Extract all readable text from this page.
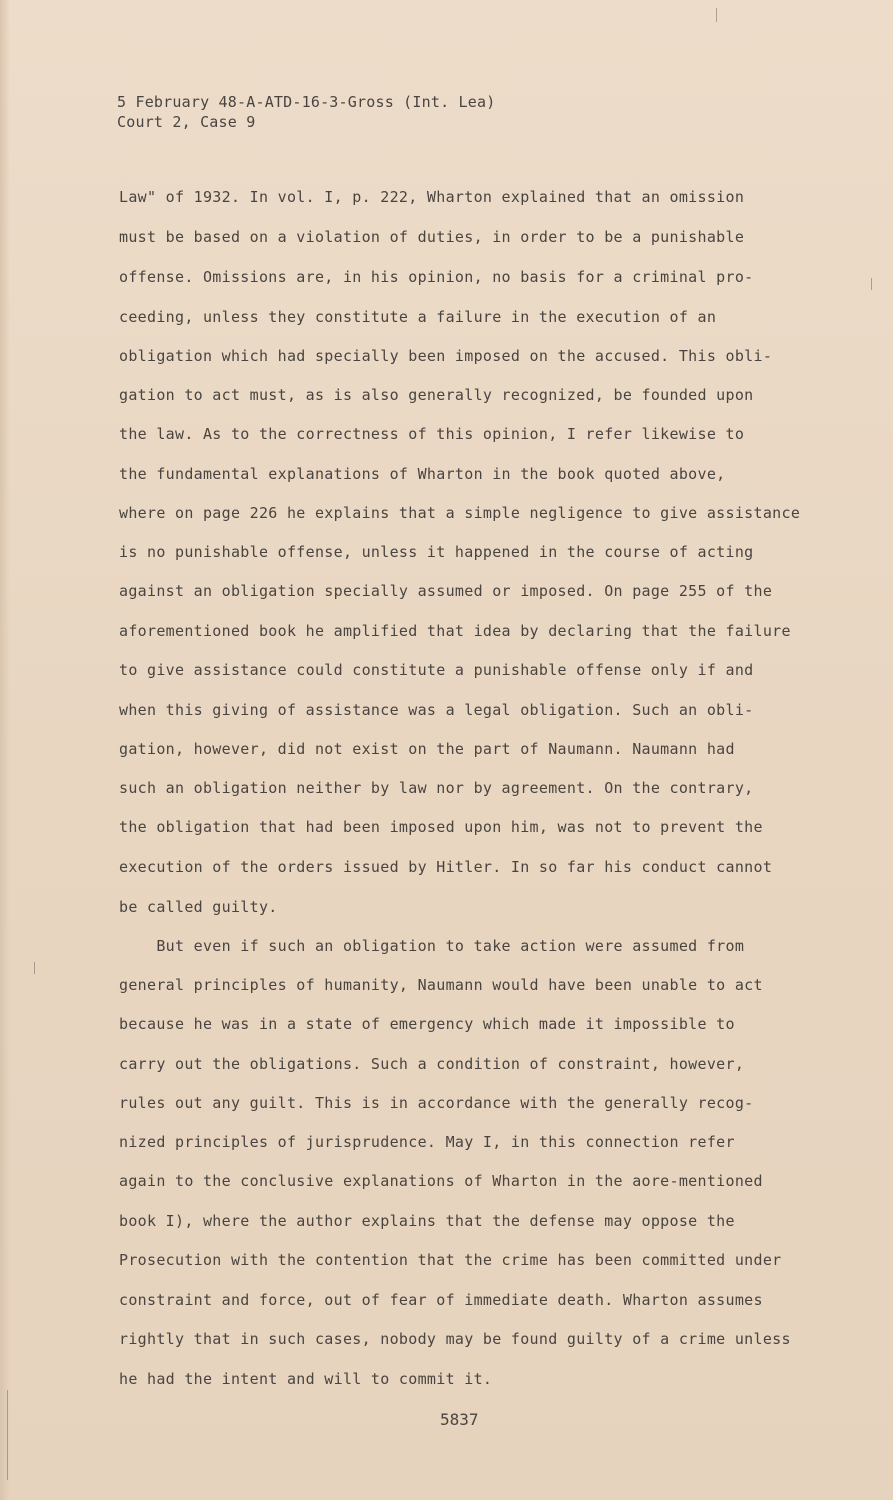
5 February 48-A-ATD-16-3-Gross (Int. Lea)
Court 2, Case 9
Law" of 1932. In vol. I, p. 222, Wharton explained that an omission
must be based on a violation of duties, in order to be a punishable
offense. Omissions are, in his opinion, no basis for a criminal pro-
ceeding, unless they constitute a failure in the execution of an
obligation which had specially been imposed on the accused. This obli-
gation to act must, as is also generally recognized, be founded upon
the law. As to the correctness of this opinion, I refer likewise to
the fundamental explanations of Wharton in the book quoted above,
where on page 226 he explains that a simple negligence to give assistance
is no punishable offense, unless it happened in the course of acting
against an obligation specially assumed or imposed. On page 255 of the
aforementioned book he amplified that idea by declaring that the failure
to give assistance could constitute a punishable offense only if and
when this giving of assistance was a legal obligation. Such an obli-
gation, however, did not exist on the part of Naumann. Naumann had
such an obligation neither by law nor by agreement. On the contrary,
the obligation that had been imposed upon him, was not to prevent the
execution of the orders issued by Hitler. In so far his conduct cannot
be called guilty.
But even if such an obligation to take action were assumed from
general principles of humanity, Naumann would have been unable to act
because he was in a state of emergency which made it impossible to
carry out the obligations. Such a condition of constraint, however,
rules out any guilt. This is in accordance with the generally recog-
nized principles of jurisprudence. May I, in this connection refer
again to the conclusive explanations of Wharton in the aore-mentioned
book I), where the author explains that the defense may oppose the
Prosecution with the contention that the crime has been committed under
constraint and force, out of fear of immediate death. Wharton assumes
rightly that in such cases, nobody may be found guilty of a crime unless
he had the intent and will to commit it.
5837
